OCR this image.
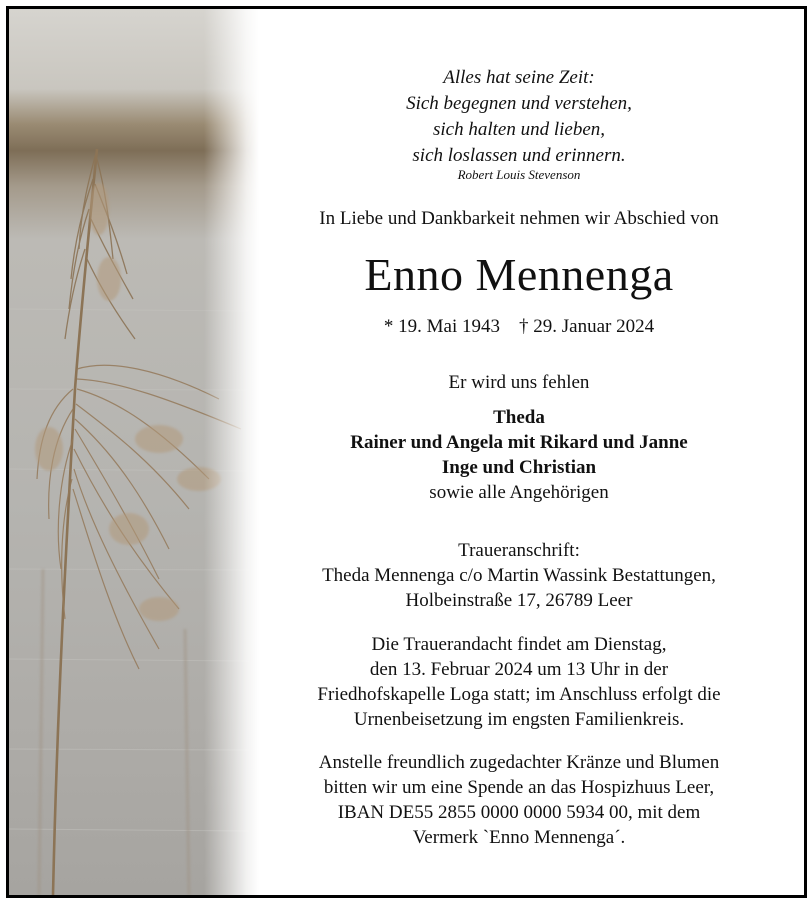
Alles hat seine Zeit:
Sich begegnen und verstehen,
sich halten und lieben,
sich loslassen und erinnern.
Robert Louis Stevenson
In Liebe und Dankbarkeit nehmen wir Abschied von
Enno Mennenga
* 19. Mai 1943    † 29. Januar 2024
Er wird uns fehlen
Theda
Rainer und Angela mit Rikard und Janne
Inge und Christian
sowie alle Angehörigen
Traueranschrift:
Theda Mennenga c/o Martin Wassink Bestattungen,
Holbeinstraße 17, 26789 Leer
Die Trauerandacht findet am Dienstag,
den 13. Februar 2024 um 13 Uhr in der
Friedhofskapelle Loga statt; im Anschluss erfolgt die
Urnenbeisetzung im engsten Familienkreis.
Anstelle freundlich zugedachter Kränze und Blumen
bitten wir um eine Spende an das Hospizhuus Leer,
IBAN DE55 2855 0000 0000 5934 00, mit dem
Vermerk `Enno Mennenga´.
